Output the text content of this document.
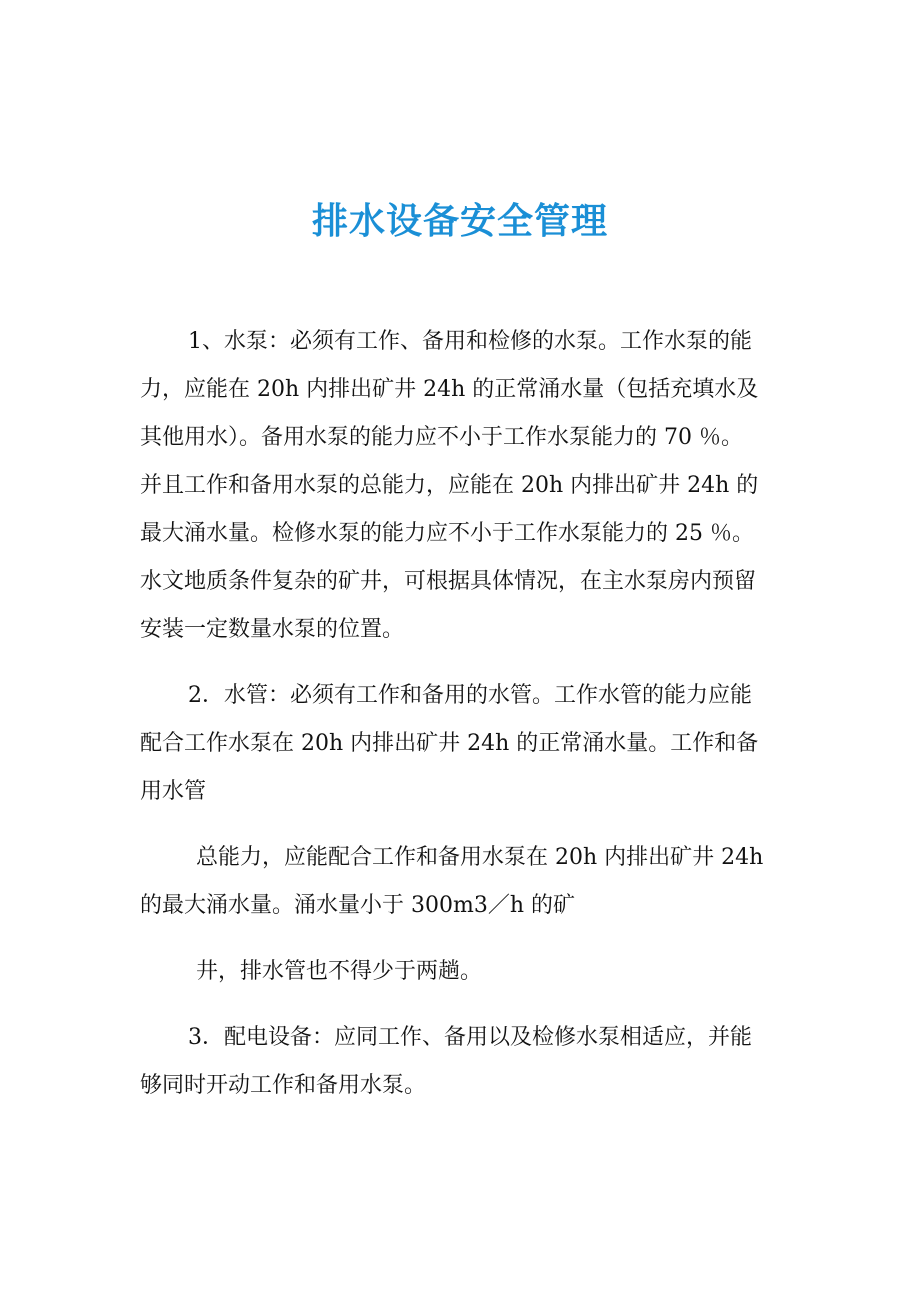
排水设备安全管理
1、水泵：必须有工作、备用和检修的水泵。工作水泵的能
力，应能在 20h 内排出矿井 24h 的正常涌水量（包括充填水及
其他用水）。备用水泵的能力应不小于工作水泵能力的 70 ％。
并且工作和备用水泵的总能力，应能在 20h 内排出矿井 24h 的
最大涌水量。检修水泵的能力应不小于工作水泵能力的 25 ％。
水文地质条件复杂的矿井，可根据具体情况，在主水泵房内预留
安装一定数量水泵的位置。
2．水管：必须有工作和备用的水管。工作水管的能力应能
配合工作水泵在 20h 内排出矿井 24h 的正常涌水量。工作和备
用水管
总能力，应能配合工作和备用水泵在 20h 内排出矿井 24h
的最大涌水量。涌水量小于 300m3／h 的矿
井，排水管也不得少于两趟。
3．配电设备：应同工作、备用以及检修水泵相适应，并能
够同时开动工作和备用水泵。
